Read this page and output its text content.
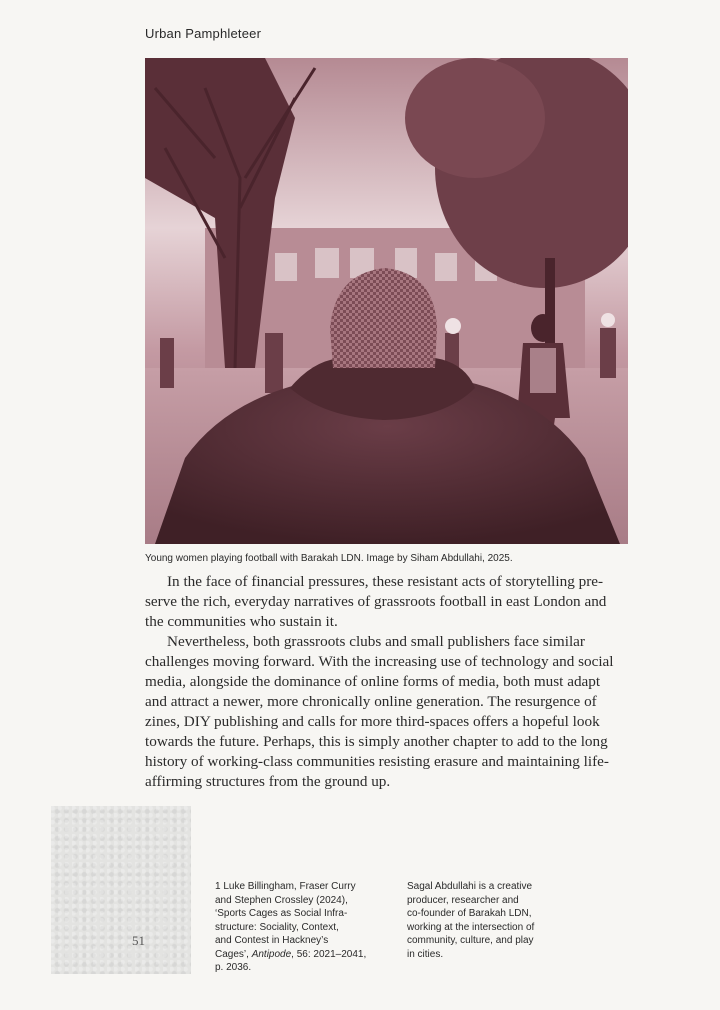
Urban Pamphleteer
Young women playing football with Barakah LDN. Image by Siham Abdullahi, 2025.
In the face of financial pressures, these resistant acts of storytelling pre-
serve the rich, everyday narratives of grassroots football in east London and
the communities who sustain it.
Nevertheless, both grassroots clubs and small publishers face similar
challenges moving forward. With the increasing use of technology and social
media, alongside the dominance of online forms of media, both must adapt
and attract a newer, more chronically online generation. The resurgence of
zines, DIY publishing and calls for more third-spaces offers a hopeful look
towards the future. Perhaps, this is simply another chapter to add to the long
history of working-class communities resisting erasure and maintaining life-
affirming structures from the ground up.
51
1 Luke Billingham, Fraser Curry
and Stephen Crossley (2024),
‘Sports Cages as Social Infra-
structure: Sociality, Context,
and Contest in Hackney’s
Cages’, Antipode, 56: 2021–2041,
p. 2036.
Sagal Abdullahi is a creative
producer, researcher and
co-founder of Barakah LDN,
working at the intersection of
community, culture, and play
in cities.
